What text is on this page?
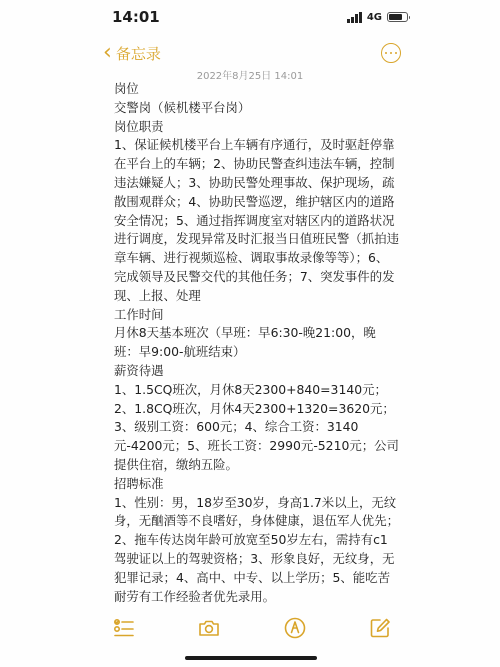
14:01	4G
‹ 备忘录
2022年8月25日 14:01

岗位

交警岗（候机楼平台岗）

岗位职责

1、保证候机楼平台上车辆有序通行，及时驱赶停靠在平台上的车辆；2、协助民警查纠违法车辆，控制违法嫌疑人；3、协助民警处理事故、保护现场，疏散围观群众；4、协助民警巡逻，维护辖区内的道路安全情况；5、通过指挥调度室对辖区内的道路状况进行调度，发现异常及时汇报当日值班民警（抓拍违章车辆、进行视频巡检、调取事故录像等等）；6、完成领导及民警交代的其他任务；7、突发事件的发现、上报、处理

工作时间

月休8天基本班次（早班：早6:30-晚21:00，晚班：早9:00-航班结束）

薪资待遇

1、1.5CQ班次，月休8天2300+840=3140元；2、1.8CQ班次，月休4天2300+1320=3620元；3、级别工资：600元；4、综合工资：3140元-4200元；5、班长工资：2990元-5210元；公司提供住宿，缴纳五险。

招聘标准

1、性别：男，18岁至30岁，身高1.7米以上，无纹身，无酗酒等不良嗜好，身体健康，退伍军人优先；2、拖车传达岗年龄可放宽至50岁左右，需持有c1驾驶证以上的驾驶资格；3、形象良好，无纹身，无犯罪记录；4、高中、中专、以上学历；5、能吃苦耐劳有工作经验者优先录用。
